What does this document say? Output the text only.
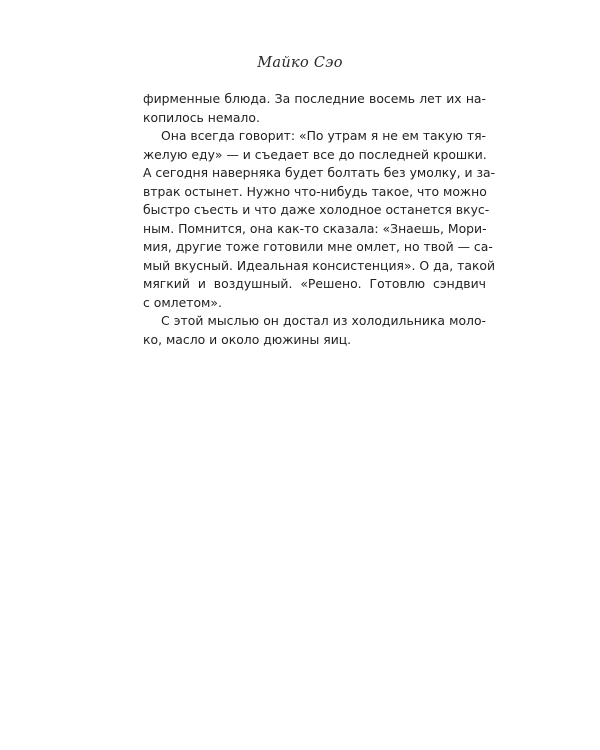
Майко Сэо
фирменные блюда. За последние восемь лет их на-
копилось немало.
Она всегда говорит: «По утрам я не ем такую тя-
желую еду» — и съедает все до последней крошки.
А сегодня наверняка будет болтать без умолку, и за-
втрак остынет. Нужно что-нибудь такое, что можно
быстро съесть и что даже холодное останется вкус-
ным. Помнится, она как-то сказала: «Знаешь, Мори-
мия, другие тоже готовили мне омлет, но твой — са-
мый вкусный. Идеальная консистенция». О да, такой
мягкий и воздушный. «Решено. Готовлю сэндвич
с омлетом».
С этой мыслью он достал из холодильника моло-
ко, масло и около дюжины яиц.
